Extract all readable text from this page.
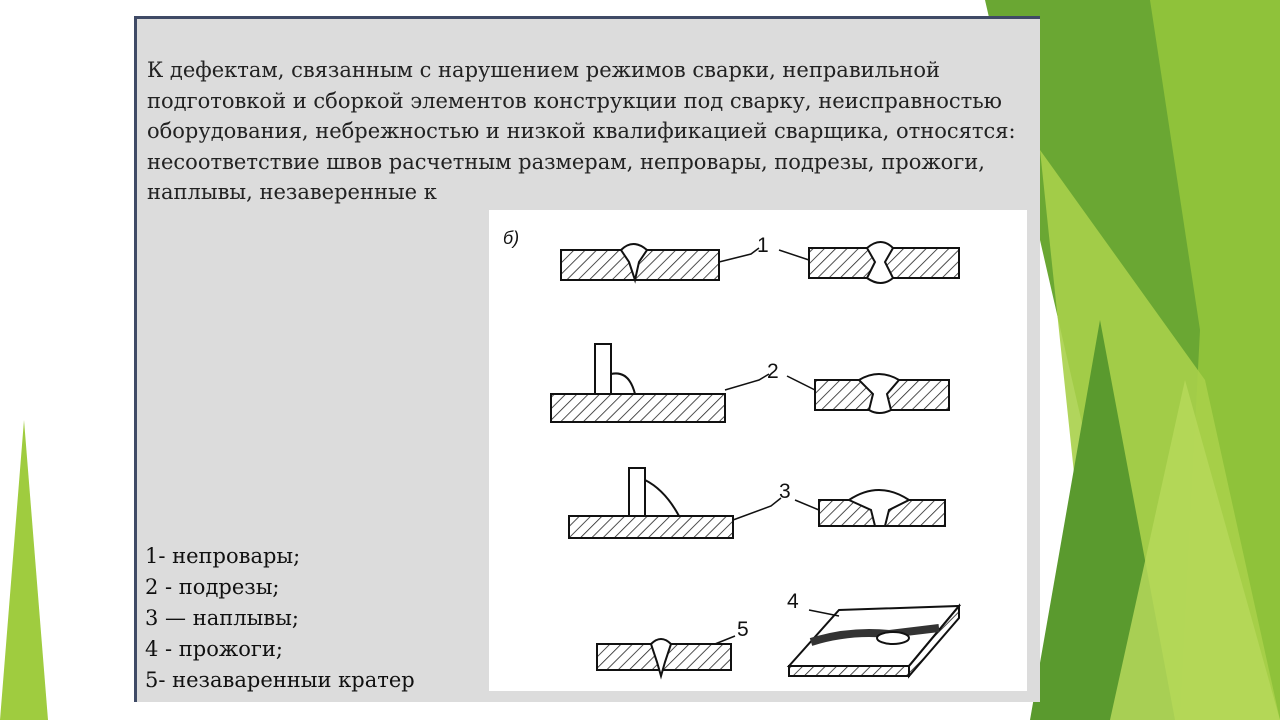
К дефектам, связанным с нарушением режимов сварки, неправильной подготовкой и сборкой элементов конструкции под сварку, неисправностью оборудования, небрежностью и низкой квалификацией сварщика, относятся: несоответствие швов расчетным размерам, непровары, подрезы, прожоги, наплывы, незаверенные к

1- непровары;
2 - подрезы;
3 — наплывы;
4 - прожоги;
5- незаваренныи кратер
б)	1
2
3
4
5
